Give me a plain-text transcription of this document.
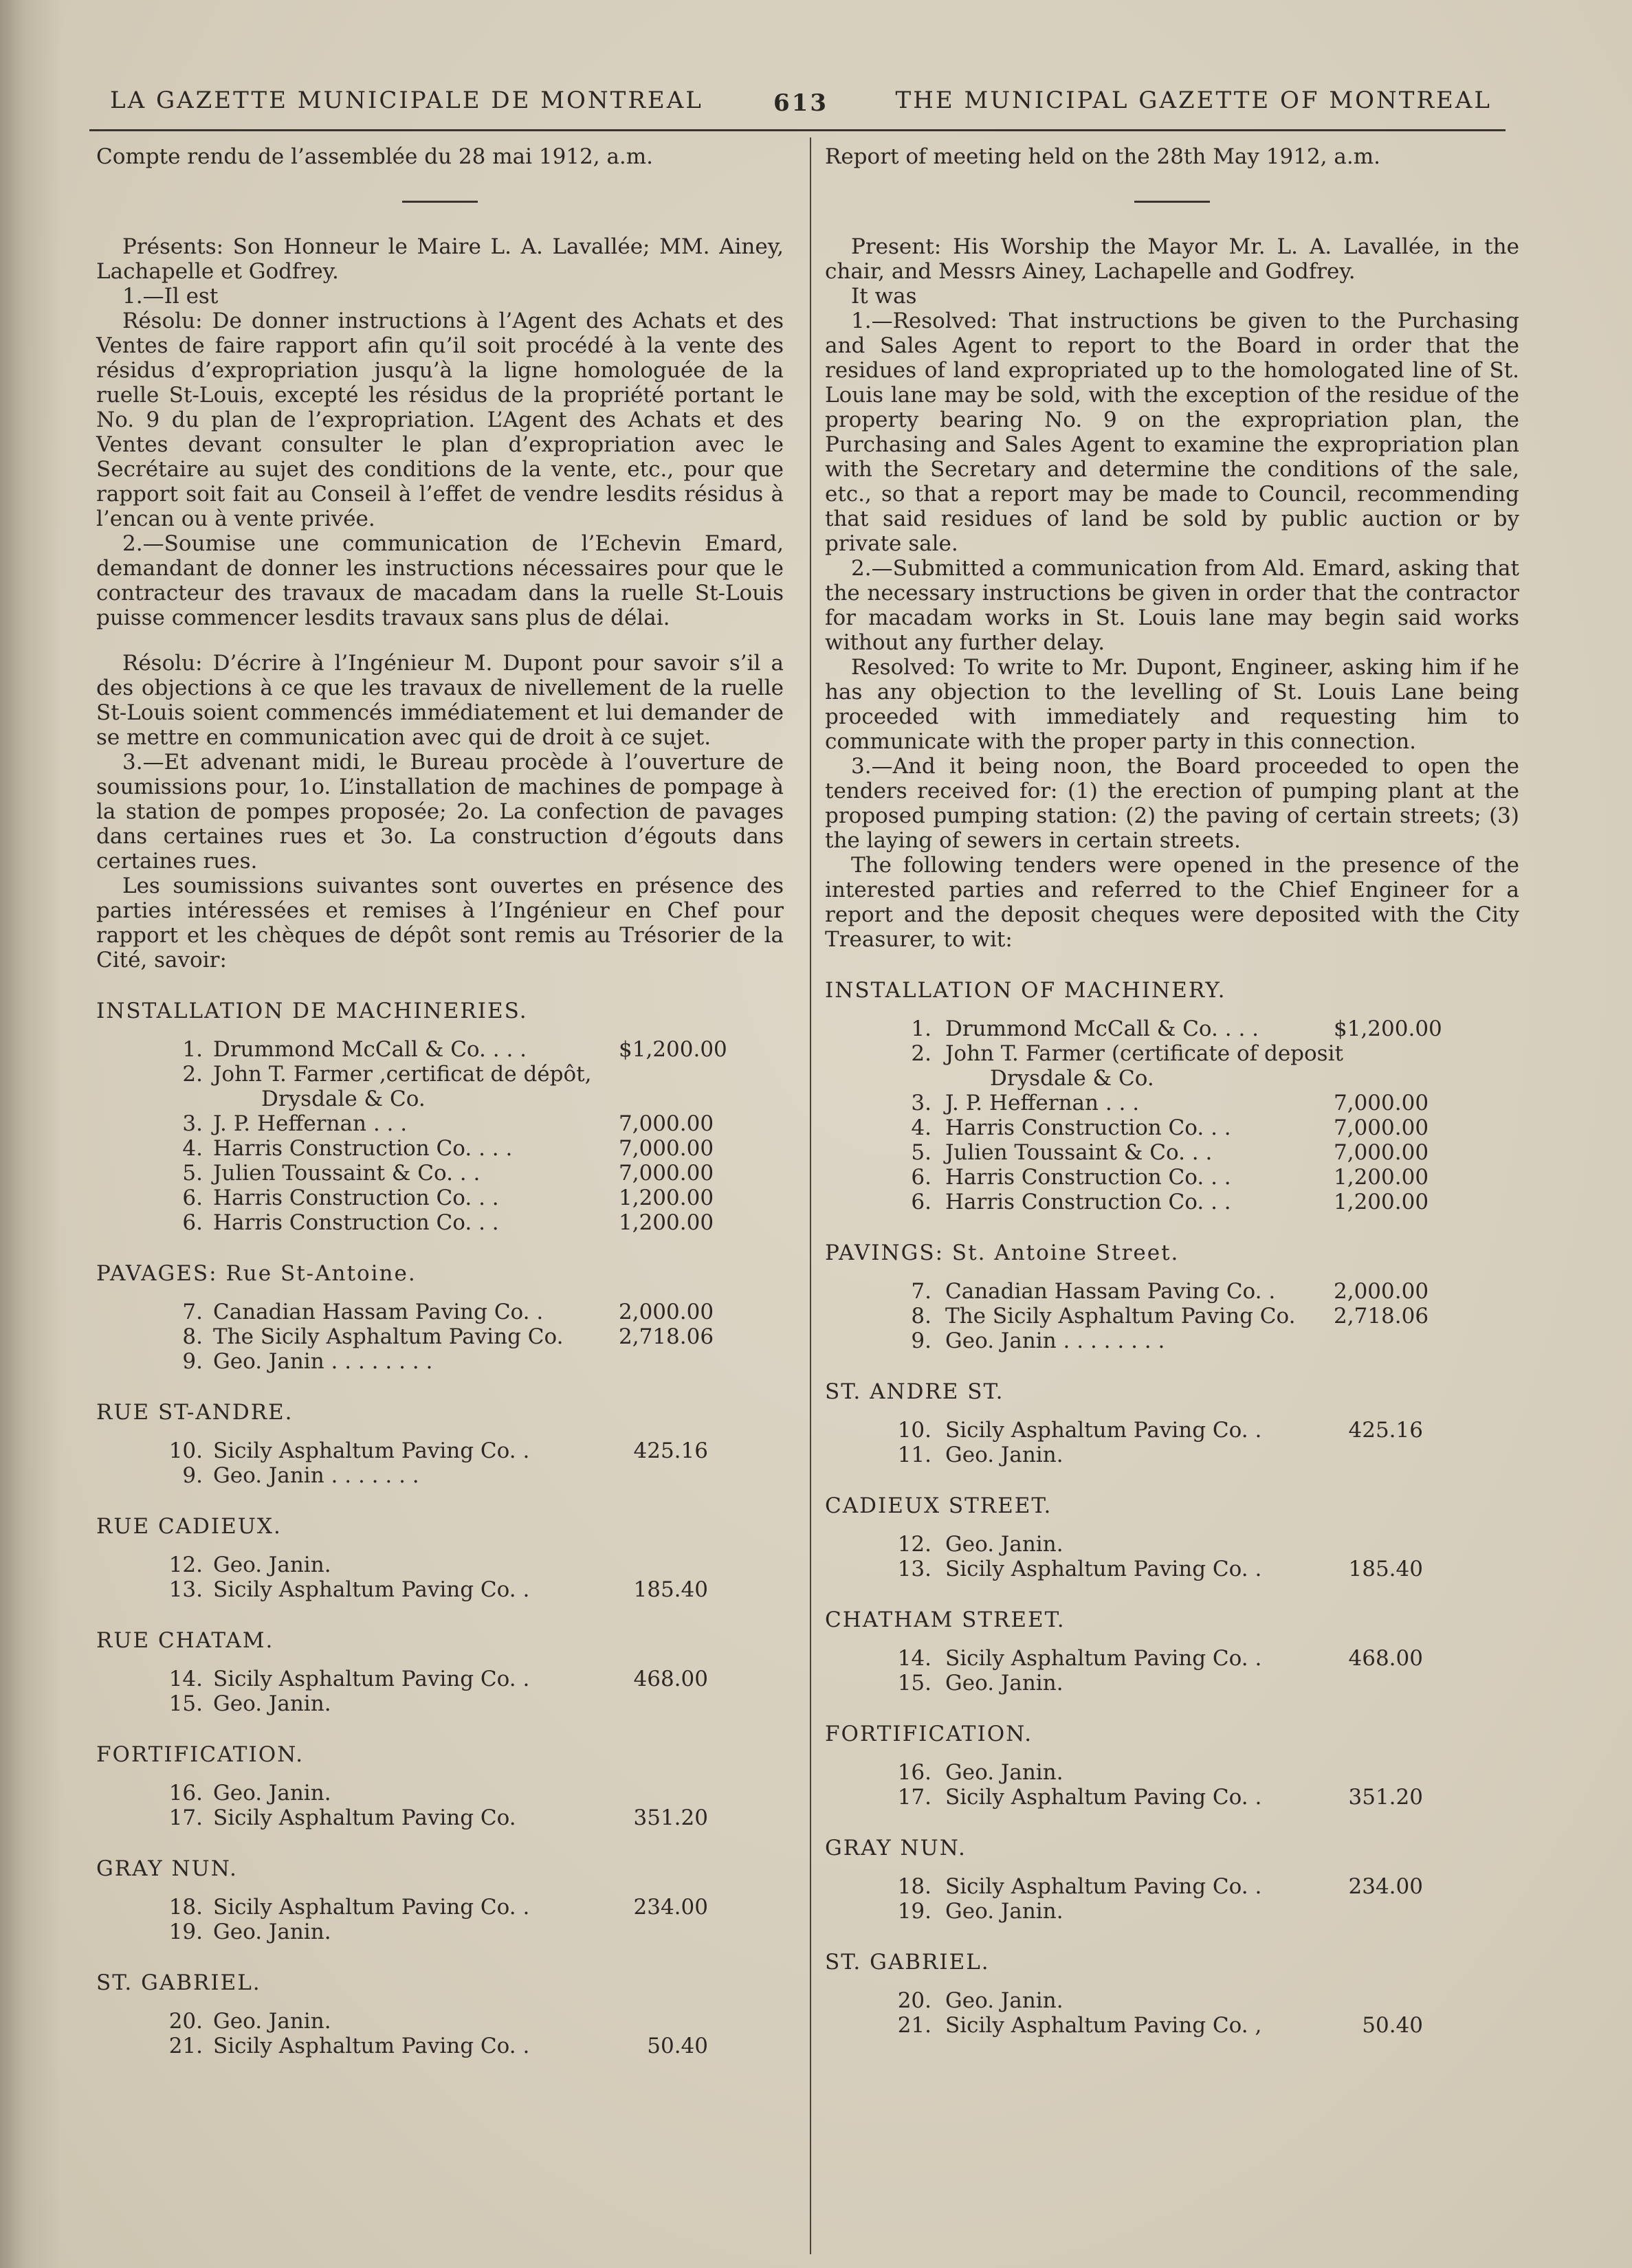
LA GAZETTE MUNICIPALE DE MONTREAL	613	THE MUNICIPAL GAZETTE OF MONTREAL

Compte rendu de l’assemblée du 28 mai 1912, a.m.

Présents: Son Honneur le Maire L. A. Lavallée; MM. Ainey, Lachapelle et Godfrey.

1.—Il est

Résolu: De donner instructions à l’Agent des Achats et des Ventes de faire rapport afin qu’il soit procédé à la vente des résidus d’expropriation jusqu’à la ligne homologuée de la ruelle St-Louis, excepté les résidus de la propriété portant le No. 9 du plan de l’expropriation. L’Agent des Achats et des Ventes devant consulter le plan d’expropriation avec le Secrétaire au sujet des conditions de la vente, etc., pour que rapport soit fait au Conseil à l’effet de vendre lesdits résidus à l’encan ou à vente privée.

2.—Soumise une communication de l’Echevin Emard, demandant de donner les instructions nécessaires pour que le contracteur des travaux de macadam dans la ruelle St-Louis puisse commencer lesdits travaux sans plus de délai.

Résolu: D’écrire à l’Ingénieur M. Dupont pour savoir s’il a des objections à ce que les travaux de nivellement de la ruelle St-Louis soient commencés immédiatement et lui demander de se mettre en communication avec qui de droit à ce sujet.

3.—Et advenant midi, le Bureau procède à l’ouverture de soumissions pour, 1o. L’installation de machines de pompage à la station de pompes proposée; 2o. La confection de pavages dans certaines rues et 3o. La construction d’égouts dans certaines rues.

Les soumissions suivantes sont ouvertes en présence des parties intéressées et remises à l’Ingénieur en Chef pour rapport et les chèques de dépôt sont remis au Trésorier de la Cité, savoir:

INSTALLATION DE MACHINERIES.
1. Drummond McCall & Co. . . .	$1,200.00
2. John T. Farmer ,certificat de dépôt,
Drysdale & Co.
3. J. P. Heffernan . . .	7,000.00
4. Harris Construction Co. . . .	7,000.00
5. Julien Toussaint & Co. . .	7,000.00
6. Harris Construction Co. . .	1,200.00
6. Harris Construction Co. . .	1,200.00
PAVAGES: Rue St-Antoine.
7. Canadian Hassam Paving Co. .	2,000.00
8. The Sicily Asphaltum Paving Co.	2,718.06
9. Geo. Janin . . . . . . . .
RUE ST-ANDRE.
10. Sicily Asphaltum Paving Co. .	425.16
9. Geo. Janin . . . . . . .
RUE CADIEUX.
12. Geo. Janin.
13. Sicily Asphaltum Paving Co. .	185.40
RUE CHATAM.
14. Sicily Asphaltum Paving Co. .	468.00
15. Geo. Janin.
FORTIFICATION.
16. Geo. Janin.
17. Sicily Asphaltum Paving Co.	351.20
GRAY NUN.
18. Sicily Asphaltum Paving Co. .	234.00
19. Geo. Janin.
ST. GABRIEL.
20. Geo. Janin.
21. Sicily Asphaltum Paving Co. .	50.40

Report of meeting held on the 28th May 1912, a.m.

Present: His Worship the Mayor Mr. L. A. Lavallée, in the chair, and Messrs Ainey, Lachapelle and Godfrey.

It was

1.—Resolved: That instructions be given to the Purchasing and Sales Agent to report to the Board in order that the residues of land expropriated up to the homologated line of St. Louis lane may be sold, with the exception of the residue of the property bearing No. 9 on the expropriation plan, the Purchasing and Sales Agent to examine the expropriation plan with the Secretary and determine the conditions of the sale, etc., so that a report may be made to Council, recommending that said residues of land be sold by public auction or by private sale.

2.—Submitted a communication from Ald. Emard, asking that the necessary instructions be given in order that the contractor for macadam works in St. Louis lane may begin said works without any further delay.

Resolved: To write to Mr. Dupont, Engineer, asking him if he has any objection to the levelling of St. Louis Lane being proceeded with immediately and requesting him to communicate with the proper party in this connection.

3.—And it being noon, the Board proceeded to open the tenders received for: (1) the erection of pumping plant at the proposed pumping station: (2) the paving of certain streets; (3) the laying of sewers in certain streets.

The following tenders were opened in the presence of the interested parties and referred to the Chief Engineer for a report and the deposit cheques were deposited with the City Treasurer, to wit:

INSTALLATION OF MACHINERY.
1. Drummond McCall & Co. . . .	$1,200.00
2. John T. Farmer (certificate of deposit
Drysdale & Co.
3. J. P. Heffernan . . .	7,000.00
4. Harris Construction Co. . .	7,000.00
5. Julien Toussaint & Co. . .	7,000.00
6. Harris Construction Co. . .	1,200.00
6. Harris Construction Co. . .	1,200.00
PAVINGS: St. Antoine Street.
7. Canadian Hassam Paving Co. .	2,000.00
8. The Sicily Asphaltum Paving Co. 2,718.06
9. Geo. Janin . . . . . . . .
ST. ANDRE ST.
10. Sicily Asphaltum Paving Co. .	425.16
11. Geo. Janin.
CADIEUX STREET.
12. Geo. Janin.
13. Sicily Asphaltum Paving Co. .	185.40
CHATHAM STREET.
14. Sicily Asphaltum Paving Co. .	468.00
15. Geo. Janin.
FORTIFICATION.
16. Geo. Janin.
17. Sicily Asphaltum Paving Co. .	351.20
GRAY NUN.
18. Sicily Asphaltum Paving Co. .	234.00
19. Geo. Janin.
ST. GABRIEL.
20. Geo. Janin.
21. Sicily Asphaltum Paving Co. ,	50.40
